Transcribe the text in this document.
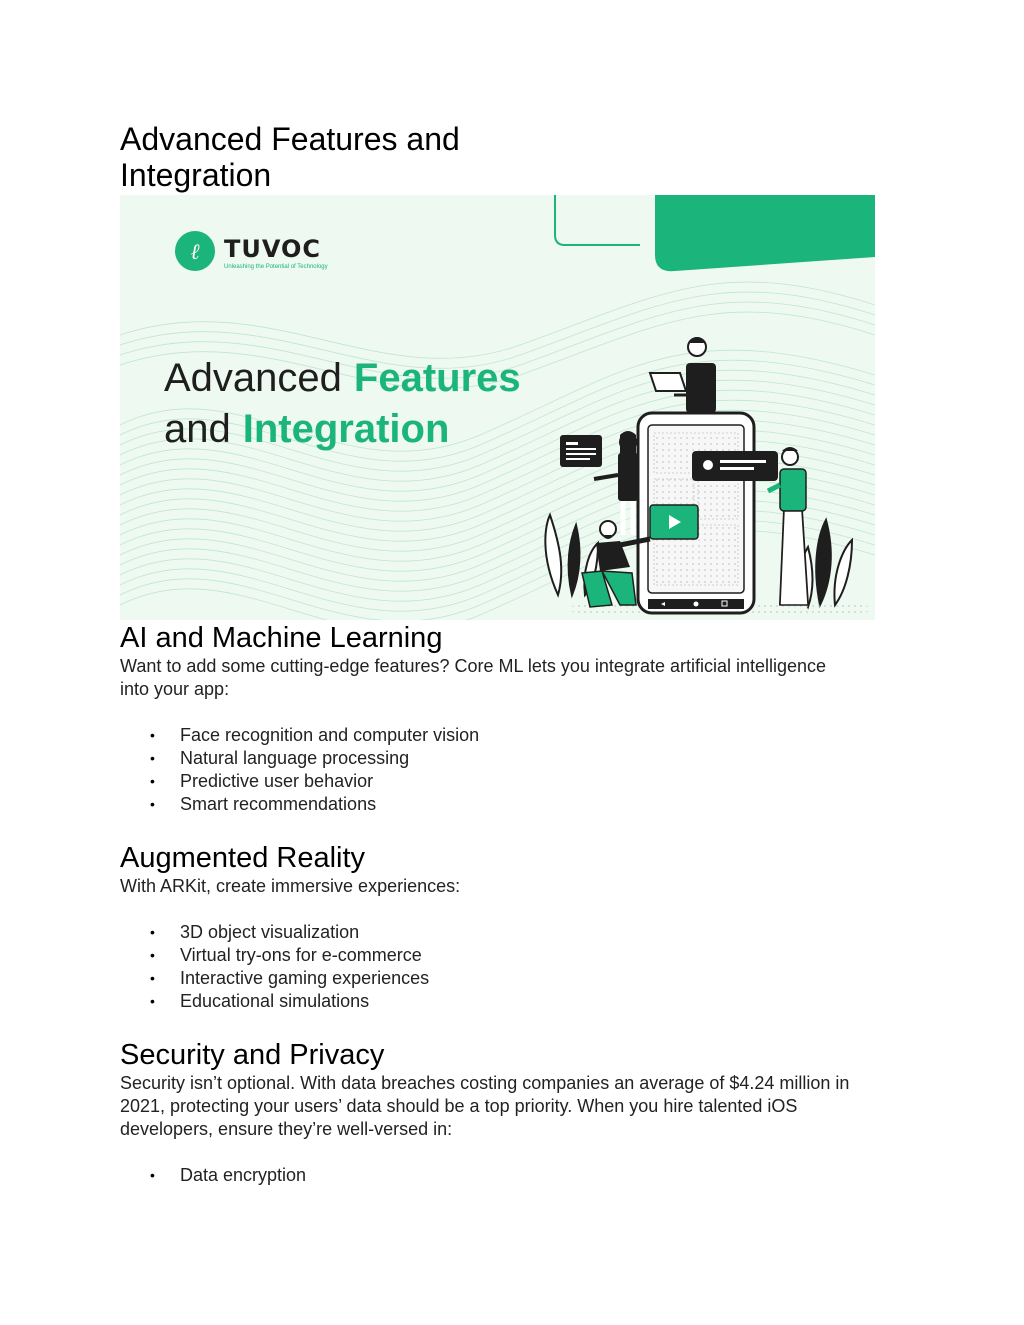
Advanced Features and Integration
ℓ TUVOC
Unleashing the Potential of Technology
Advanced Features
and Integration
AI and Machine Learning

Want to add some cutting-edge features? Core ML lets you integrate artificial intelligence into your app:

• Face recognition and computer vision
• Natural language processing
• Predictive user behavior
• Smart recommendations
Augmented Reality

With ARKit, create immersive experiences:

• 3D object visualization
• Virtual try-ons for e-commerce
• Interactive gaming experiences
• Educational simulations
Security and Privacy

Security isn’t optional. With data breaches costing companies an average of $4.24 million in 2021, protecting your users’ data should be a top priority. When you hire talented iOS developers, ensure they’re well-versed in:

• Data encryption
